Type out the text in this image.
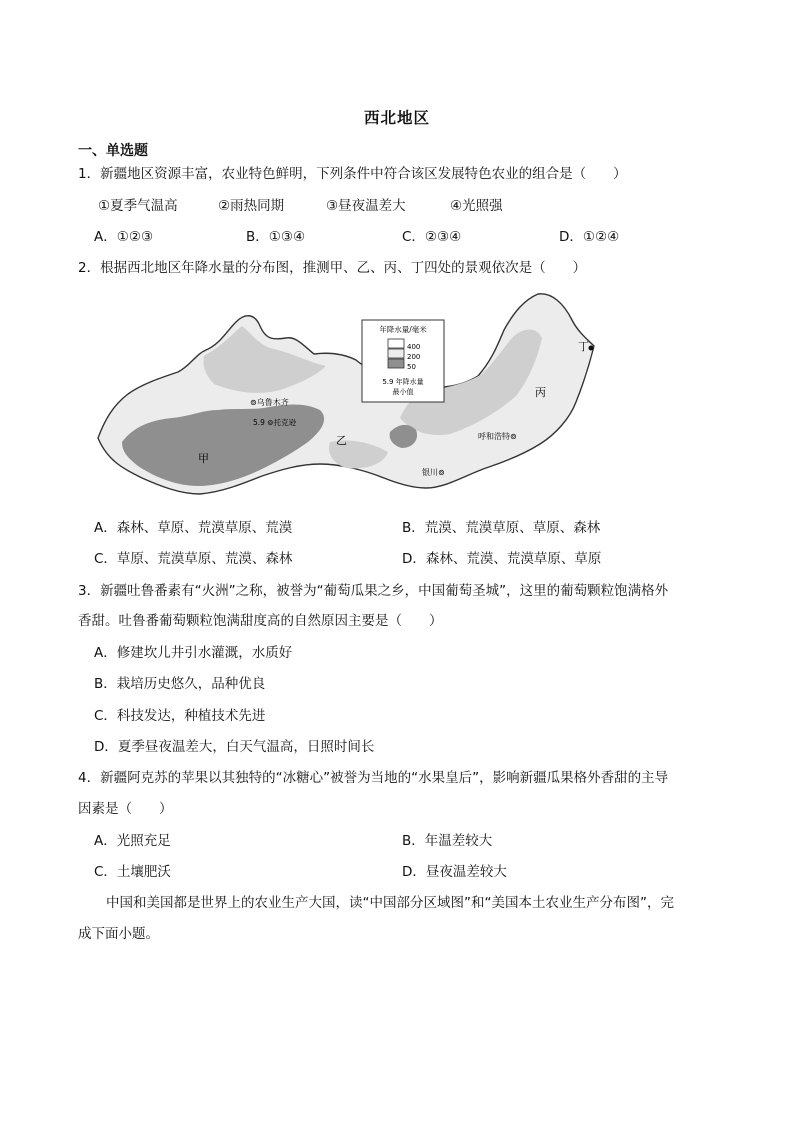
西北地区
一、单选题
1．新疆地区资源丰富，农业特色鲜明，下列条件中符合该区发展特色农业的组合是（　　）
①夏季气温高	②雨热同期	③昼夜温差大	④光照强
A．①②③	B．①③④	C．②③④	D．①②④
2．根据西北地区年降水量的分布图，推测甲、乙、丙、丁四处的景观依次是（　　）
年降水量/毫米
400
200
50
5.9 年降水量
最小值
⊚乌鲁木齐
5.9 ⊚托克逊
呼和浩特⊚
银川⊚
甲
乙
丙
丁
A．森林、草原、荒漠草原、荒漠	B．荒漠、荒漠草原、草原、森林
C．草原、荒漠草原、荒漠、森林	D．森林、荒漠、荒漠草原、草原
3．新疆吐鲁番素有“火洲”之称，被誉为“葡萄瓜果之乡，中国葡萄圣城”，这里的葡萄颗粒饱满格外
香甜。吐鲁番葡萄颗粒饱满甜度高的自然原因主要是（　　）
A．修建坎儿井引水灌溉，水质好
B．栽培历史悠久，品种优良
C．科技发达，种植技术先进
D．夏季昼夜温差大，白天气温高，日照时间长
4．新疆阿克苏的苹果以其独特的“冰糖心”被誉为当地的“水果皇后”，影响新疆瓜果格外香甜的主导
因素是（　　）
A．光照充足	B．年温差较大
C．土壤肥沃	D．昼夜温差较大
中国和美国都是世界上的农业生产大国，读“中国部分区域图”和“美国本土农业生产分布图”，完
成下面小题。
